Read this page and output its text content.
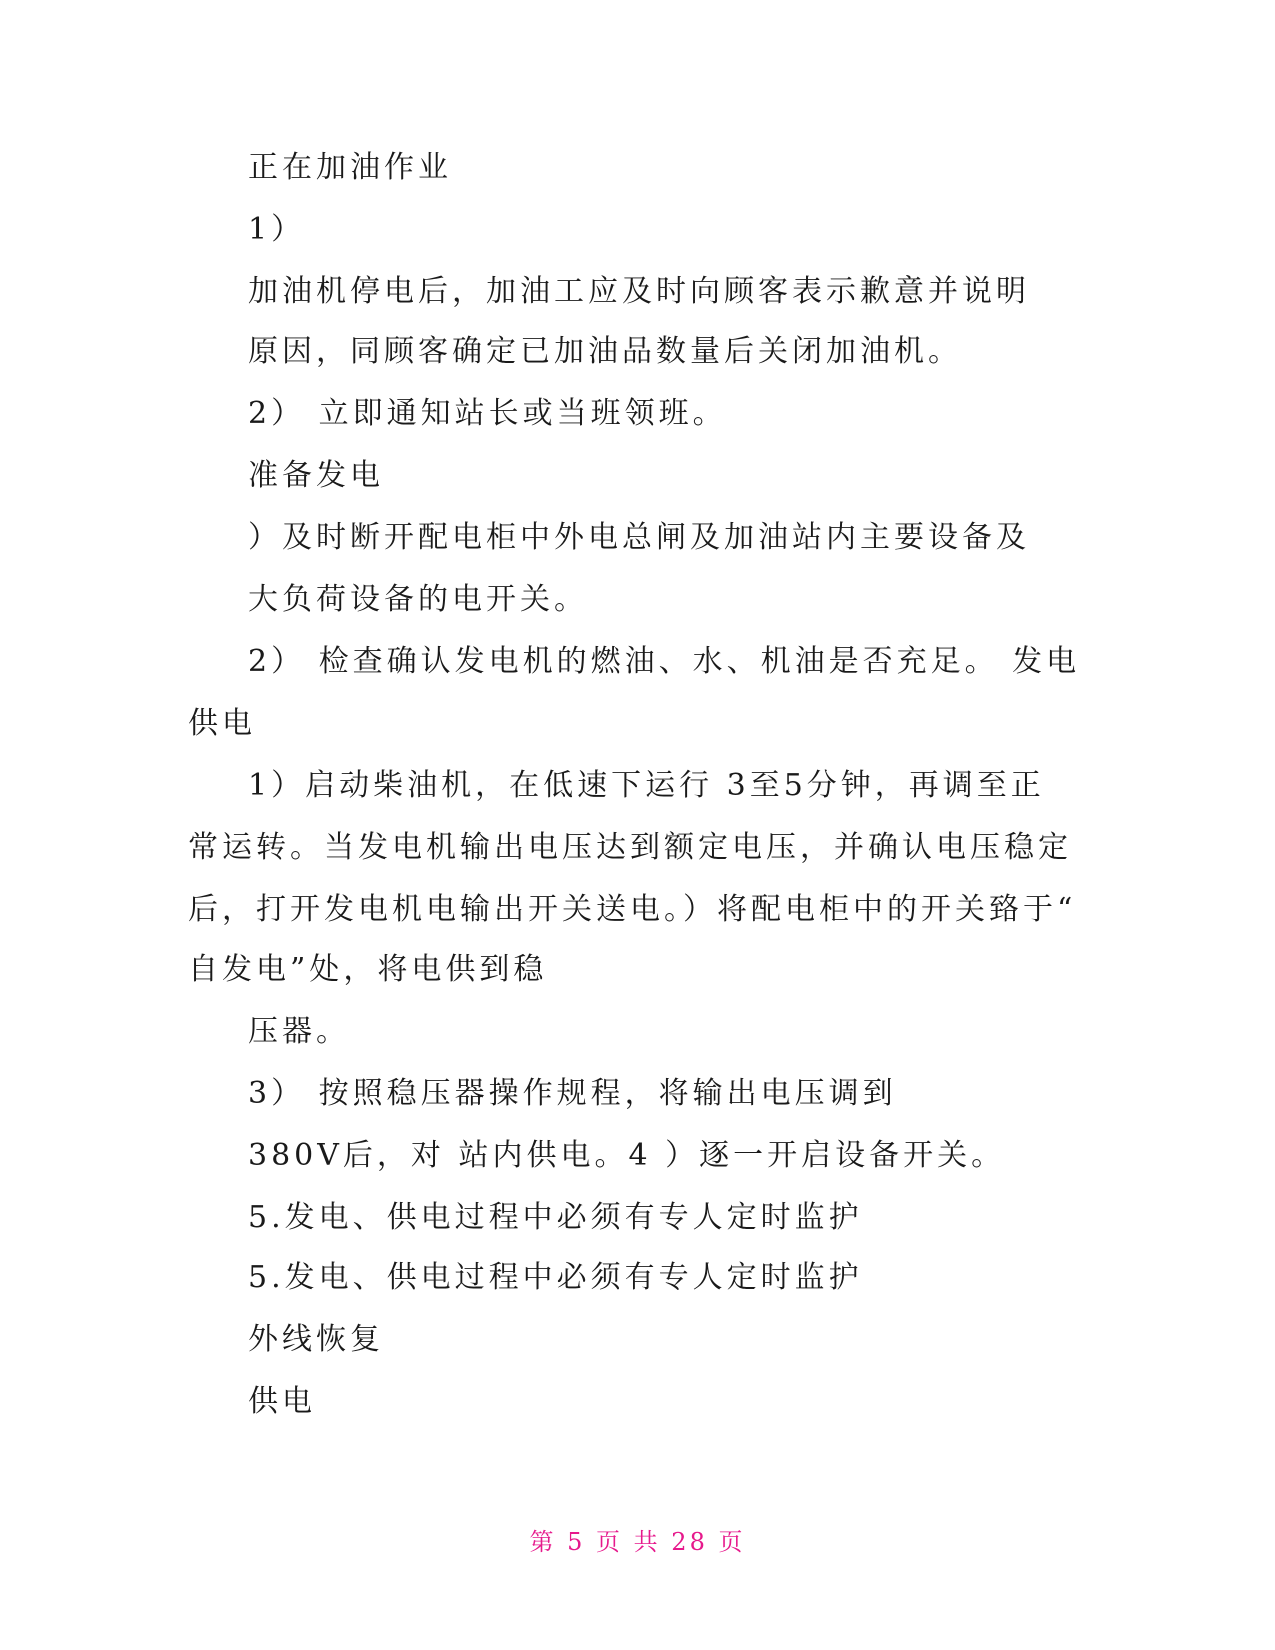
正在加油作业
1）
加油机停电后，加油工应及时向顾客表示歉意并说明
原因，同顾客确定已加油品数量后关闭加油机。
2） 立即通知站长或当班领班。
准备发电
）及时断开配电柜中外电总闸及加油站内主要设备及
大负荷设备的电开关。
2） 检查确认发电机的燃油、水、机油是否充足。 发电
供电
1）启动柴油机，在低速下运行 3至5分钟，再调至正
常运转。当发电机输出电压达到额定电压，并确认电压稳定
后，打开发电机电输出开关送电。）将配电柜中的开关臵于“
自发电”处，将电供到稳
压器。
3） 按照稳压器操作规程，将输出电压调到
380V后，对 站内供电。4 ）逐一开启设备开关。
5.发电、供电过程中必须有专人定时监护
5.发电、供电过程中必须有专人定时监护
外线恢复
供电
第 5 页 共 28 页
